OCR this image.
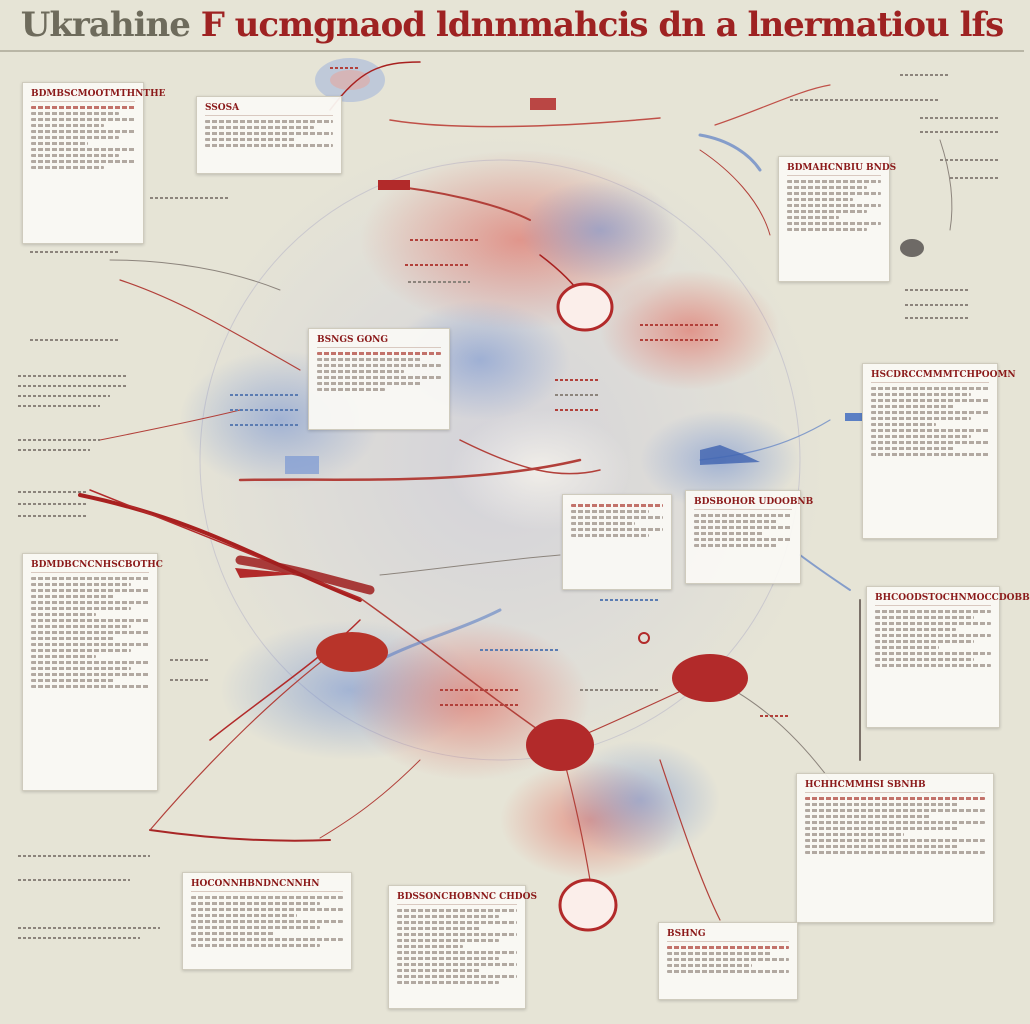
Ukrahine F ucmgnaod ldnnmahcis dn a lnermatiou lfs
BDMBSCMOOTMTHNTHE
SSOSA
BDMAHCNBIU BNDS
BSNGS GONG
HSCDRCCMMMTCHPOOMN
BDSBOHOR UDOOBNB
BDMDBCNCNHSCBOTHC
BHCOODSTOCHNMOCCDOBB
HCHHCMMHSI SBNHB
HOCONNHBNDNCNNHN
BDSSONCHOBNNC CHDOS
BSHNG
